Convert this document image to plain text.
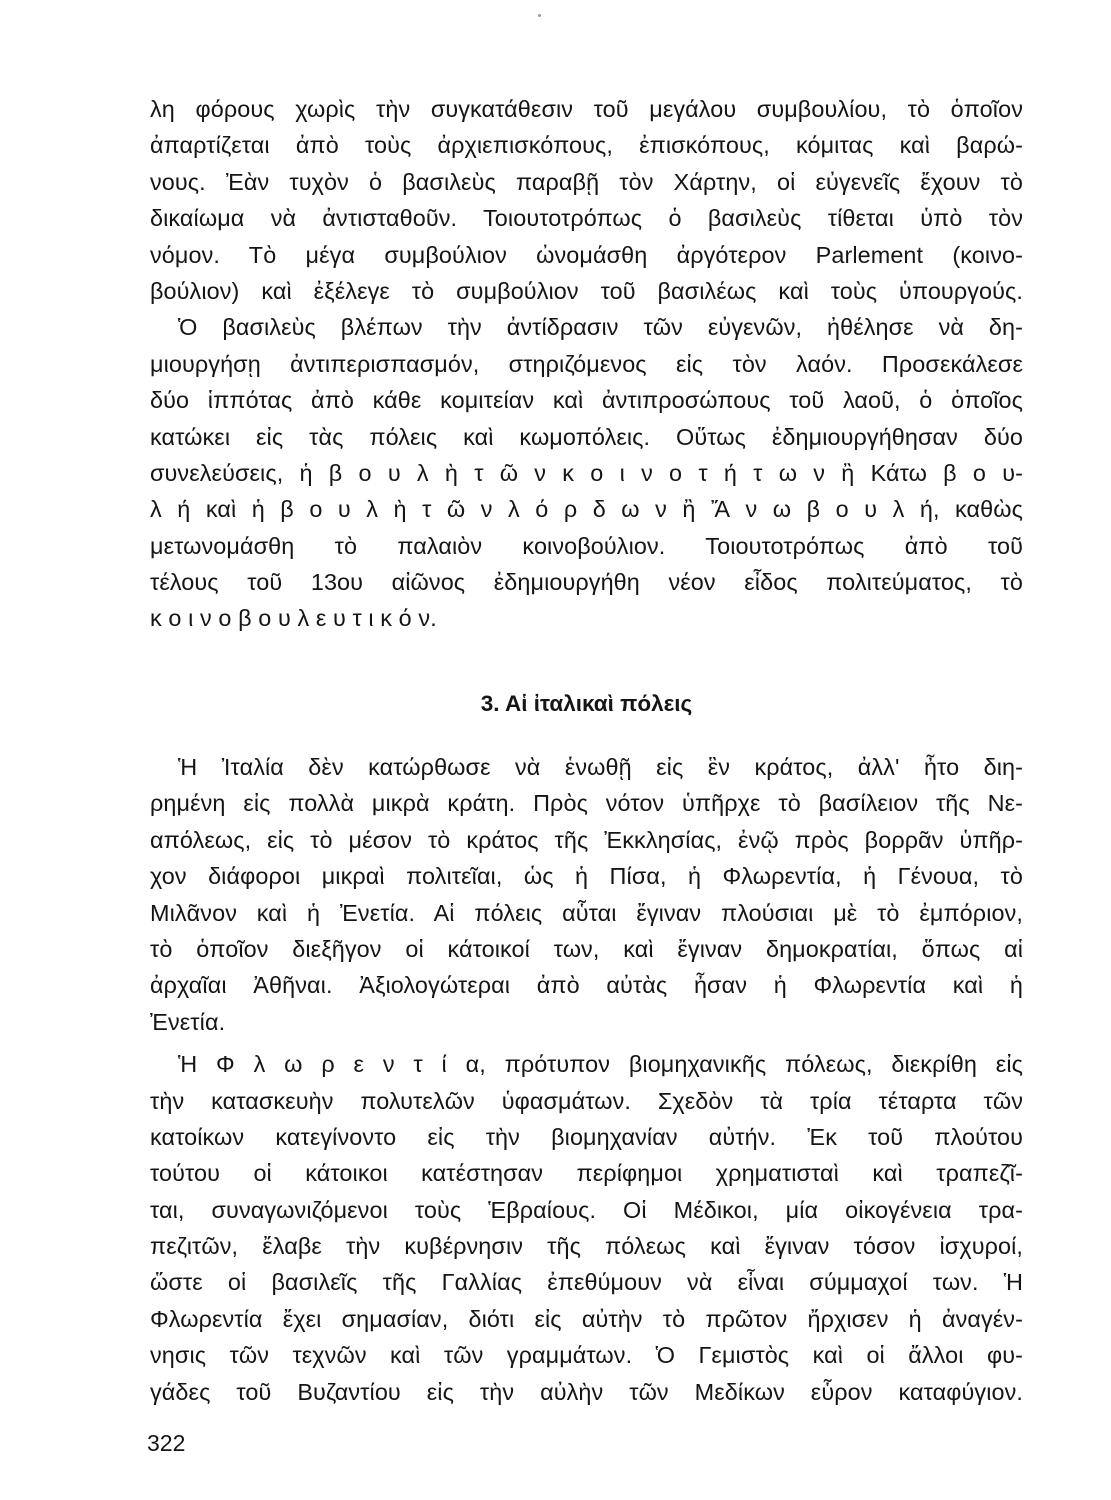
λη φόρους χωρὶς τὴν συγκατάθεσιν τοῦ μεγάλου συμβουλίου, τὸ ὁποῖον
ἀπαρτίζεται ἀπὸ τοὺς ἀρχιεπισκόπους, ἐπισκόπους, κόμιτας καὶ βαρώ-
νους. Ἐὰν τυχὸν ὁ βασιλεὺς παραβῇ τὸν Χάρτην, οἱ εὐγενεῖς ἔχουν τὸ
δικαίωμα νὰ ἀντισταθοῦν. Τοιουτοτρόπως ὁ βασιλεὺς τίθεται ὑπὸ τὸν
νόμον. Τὸ μέγα συμβούλιον ὠνομάσθη ἀργότερον Parlement (κοινο-
βούλιον) καὶ ἐξέλεγε τὸ συμβούλιον τοῦ βασιλέως καὶ τοὺς ὑπουργούς.
Ὁ βασιλεὺς βλέπων τὴν ἀντίδρασιν τῶν εὐγενῶν, ἠθέλησε νὰ δη-
μιουργήσῃ ἀντιπερισπασμόν, στηριζόμενος εἰς τὸν λαόν. Προσεκάλεσε
δύο ἱππότας ἀπὸ κάθε κομιτείαν καὶ ἀντιπροσώπους τοῦ λαοῦ, ὁ ὁποῖος
κατώκει εἰς τὰς πόλεις καὶ κωμοπόλεις. Οὕτως ἐδημιουργήθησαν δύο
συνελεύσεις, ἡ β ο υ λ ὴ τ ῶ ν κ ο ι ν ο τ ή τ ω ν ἢ Κάτω β ο υ-
λ ή καὶ ἡ β ο υ λ ὴ τ ῶ ν λ ό ρ δ ω ν ἢ Ἄ ν ω β ο υ λ ή, καθὼς
μετωνομάσθη τὸ παλαιὸν κοινοβούλιον. Τοιουτοτρόπως ἀπὸ τοῦ
τέλους τοῦ 13ου αἰῶνος ἐδημιουργήθη νέον εἶδος πολιτεύματος, τὸ
κ ο ι ν ο β ο υ λ ε υ τ ι κ ό ν.
3. Αἱ ἰταλικαὶ πόλεις
Ἡ Ἰταλία δὲν κατώρθωσε νὰ ἑνωθῇ εἰς ἓν κράτος, ἀλλ' ἦτο διη-
ρημένη εἰς πολλὰ μικρὰ κράτη. Πρὸς νότον ὑπῆρχε τὸ βασίλειον τῆς Νε-
απόλεως, εἰς τὸ μέσον τὸ κράτος τῆς Ἐκκλησίας, ἐνῷ πρὸς βορρᾶν ὑπῆρ-
χον διάφοροι μικραὶ πολιτεῖαι, ὡς ἡ Πίσα, ἡ Φλωρεντία, ἡ Γένουα, τὸ
Μιλᾶνον καὶ ἡ Ἐνετία. Αἱ πόλεις αὗται ἔγιναν πλούσιαι μὲ τὸ ἐμπόριον,
τὸ ὁποῖον διεξῆγον οἱ κάτοικοί των, καὶ ἔγιναν δημοκρατίαι, ὅπως αἱ
ἀρχαῖαι Ἀθῆναι. Ἀξιολογώτεραι ἀπὸ αὐτὰς ἦσαν ἡ Φλωρεντία καὶ ἡ
Ἐνετία.
Ἡ Φ λ ω ρ ε ν τ ί α, πρότυπον βιομηχανικῆς πόλεως, διεκρίθη εἰς
τὴν κατασκευὴν πολυτελῶν ὑφασμάτων. Σχεδὸν τὰ τρία τέταρτα τῶν
κατοίκων κατεγίνοντο εἰς τὴν βιομηχανίαν αὐτήν. Ἐκ τοῦ πλούτου
τούτου οἱ κάτοικοι κατέστησαν περίφημοι χρηματισταὶ καὶ τραπεζῖ-
ται, συναγωνιζόμενοι τοὺς Ἑβραίους. Οἱ Μέδικοι, μία οἰκογένεια τρα-
πεζιτῶν, ἔλαβε τὴν κυβέρνησιν τῆς πόλεως καὶ ἔγιναν τόσον ἰσχυροί,
ὥστε οἱ βασιλεῖς τῆς Γαλλίας ἐπεθύμουν νὰ εἶναι σύμμαχοί των. Ἡ
Φλωρεντία ἔχει σημασίαν, διότι εἰς αὐτὴν τὸ πρῶτον ἤρχισεν ἡ ἀναγέν-
νησις τῶν τεχνῶν καὶ τῶν γραμμάτων. Ὁ Γεμιστὸς καὶ οἱ ἄλλοι φυ-
γάδες τοῦ Βυζαντίου εἰς τὴν αὐλὴν τῶν Μεδίκων εὗρον καταφύγιον.
322
